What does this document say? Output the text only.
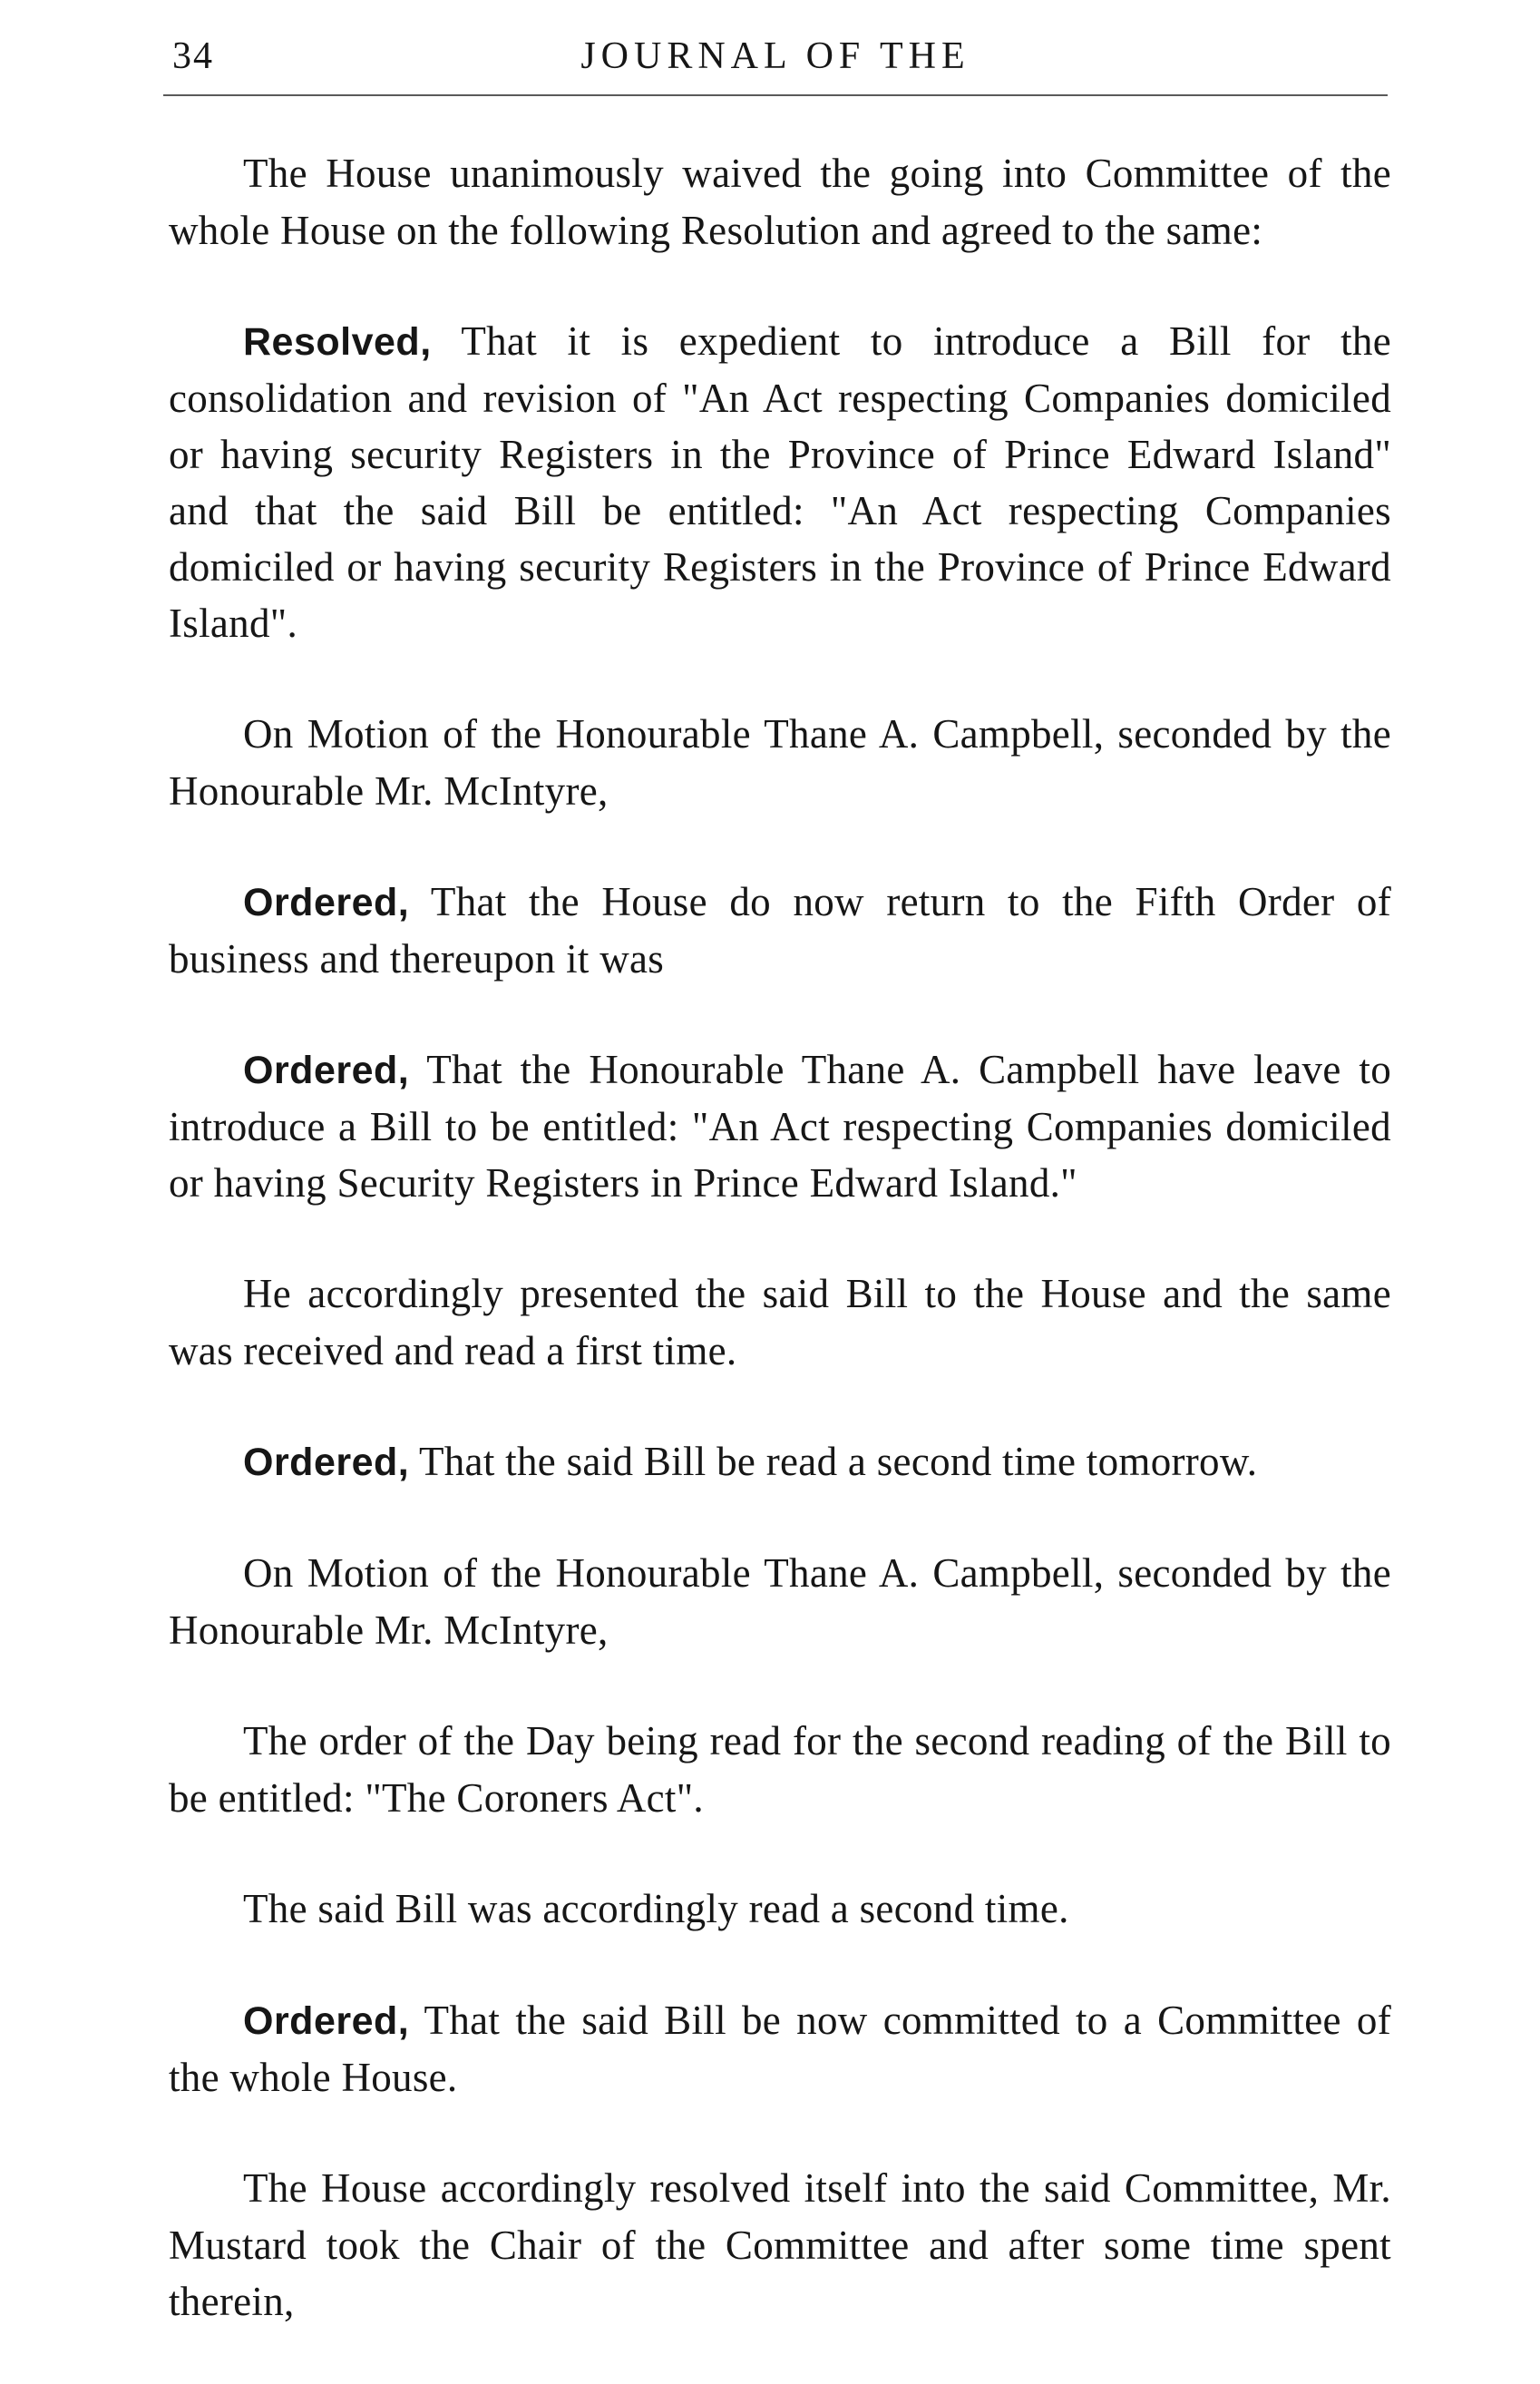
34	JOURNAL OF THE

The House unanimously waived the going into Committee of the whole House on the following Resolution and agreed to the same:

Resolved, That it is expedient to introduce a Bill for the consolidation and revision of "An Act respecting Companies domiciled or having security Registers in the Province of Prince Edward Island" and that the said Bill be entitled: "An Act respecting Companies domiciled or having security Registers in the Province of Prince Edward Island".

On Motion of the Honourable Thane A. Campbell, seconded by the Honourable Mr. McIntyre,

Ordered, That the House do now return to the Fifth Order of business and thereupon it was

Ordered, That the Honourable Thane A. Campbell have leave to introduce a Bill to be entitled: "An Act respecting Companies domiciled or having Security Registers in Prince Edward Island."

He accordingly presented the said Bill to the House and the same was received and read a first time.

Ordered, That the said Bill be read a second time tomorrow.

On Motion of the Honourable Thane A. Campbell, seconded by the Honourable Mr. McIntyre,

The order of the Day being read for the second reading of the Bill to be entitled: "The Coroners Act".

The said Bill was accordingly read a second time.

Ordered, That the said Bill be now committed to a Committee of the whole House.

The House accordingly resolved itself into the said Committee, Mr. Mustard took the Chair of the Committee and after some time spent therein,
